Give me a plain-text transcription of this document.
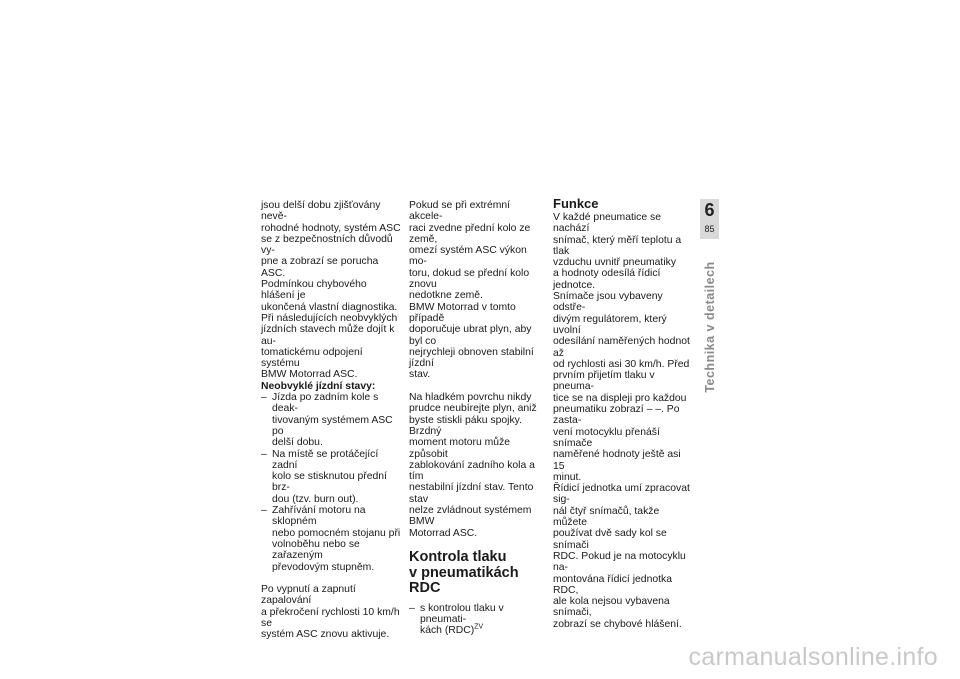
jsou delší dobu zjišťovány nevě-
rohodné hodnoty, systém ASC
se z bezpečnostních důvodů vy-
pne a zobrazí se porucha ASC.
Podmínkou chybového hlášení je
ukončená vlastní diagnostika.
Při následujících neobvyklých
jízdních stavech může dojít k au-
tomatickému odpojení systému
BMW Motorrad ASC.

Neobvyklé jízdní stavy:

– Jízda po zadním kole s deak-
tivovaným systémem ASC po
delší dobu.
– Na místě se protáčející zadní
kolo se stisknutou přední brz-
dou (tzv. burn out).
– Zahřívání motoru na sklopném
nebo pomocném stojanu při
volnoběhu nebo se zařazeným
převodovým stupněm.

Po vypnutí a zapnutí zapalování
a překročení rychlosti 10 km/h se
systém ASC znovu aktivuje.

Pokud se při extrémní akcele-
raci zvedne přední kolo ze země,
omezí systém ASC výkon mo-
toru, dokud se přední kolo znovu
nedotkne země.
BMW Motorrad v tomto případě
doporučuje ubrat plyn, aby byl co
nejrychleji obnoven stabilní jízdní
stav.

Na hladkém povrchu nikdy
prudce neubírejte plyn, aniž
byste stiskli páku spojky. Brzdný
moment motoru může způsobit
zablokování zadního kola a tím
nestabilní jízdní stav. Tento stav
nelze zvládnout systémem BMW
Motorrad ASC.

Kontrola tlaku
v pneumatikách RDC
– s kontrolou tlaku v pneumati-
kách (RDC)$^{ZV}$
Funkce

V každé pneumatice se nachází
snímač, který měří teplotu a tlak
vzduchu uvnitř pneumatiky
a hodnoty odesílá řídicí jednotce.
Snímače jsou vybaveny odstře-
divým regulátorem, který uvolní
odesílání naměřených hodnot až
od rychlosti asi 30 km/h. Před
prvním přijetím tlaku v pneuma-
tice se na displeji pro každou
pneumatiku zobrazí – –. Po zasta-
vení motocyklu přenáší snímače
naměřené hodnoty ještě asi 15
minut.
Řídicí jednotka umí zpracovat sig-
nál čtyř snímačů, takže můžete
používat dvě sady kol se snímači
RDC. Pokud je na motocyklu na-
montována řídicí jednotka RDC,
ale kola nejsou vybavena snímači,
zobrazí se chybové hlášení.

6
85
Technika v detailech
carmanualsonline.info
